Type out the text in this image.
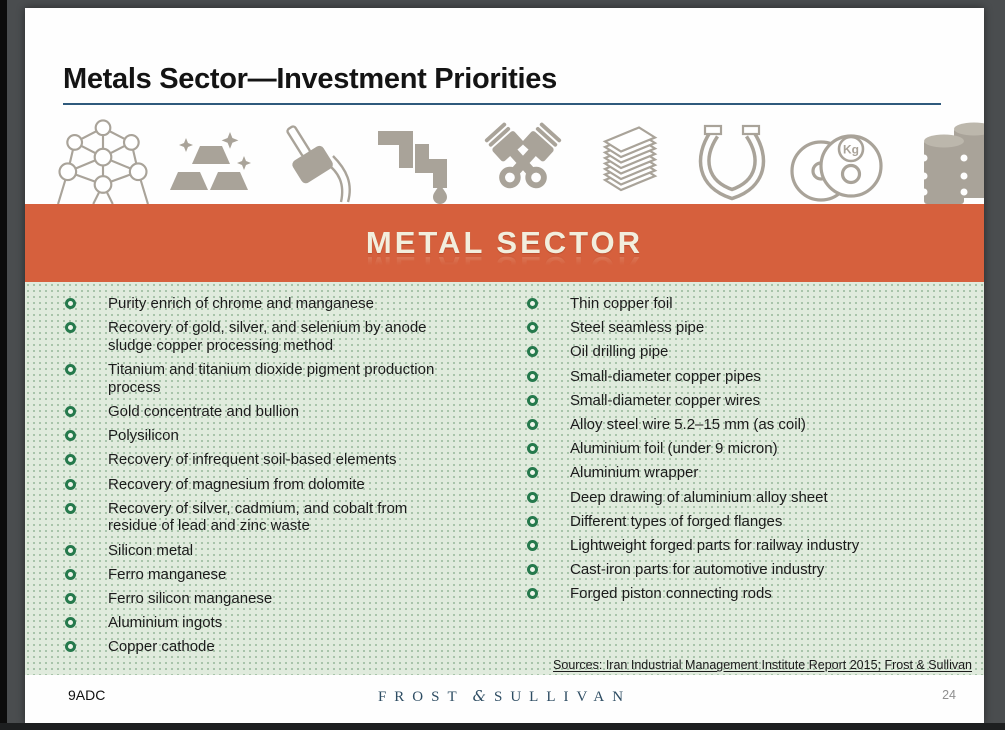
Metals Sector—Investment Priorities
Kg
METAL SECTOR
Purity enrich of chrome and manganese
Recovery of gold, silver, and selenium by anode sludge copper processing method
Titanium and titanium dioxide pigment production process
Gold concentrate and bullion
Polysilicon
Recovery of infrequent soil-based elements
Recovery of magnesium from dolomite
Recovery of silver, cadmium, and cobalt from residue of lead and zinc waste
Silicon metal
Ferro manganese
Ferro silicon manganese
Aluminium ingots
Copper cathode
Thin copper foil
Steel seamless pipe
Oil drilling pipe
Small-diameter copper pipes
Small-diameter copper wires
Alloy steel wire 5.2–15 mm (as coil)
Aluminium foil (under 9 micron)
Aluminium wrapper
Deep drawing of aluminium alloy sheet
Different types of forged flanges
Lightweight forged parts for railway industry
Cast-iron parts for automotive industry
Forged piston connecting rods
Sources: Iran Industrial Management Institute Report 2015; Frost & Sullivan
9ADC	FROST & SULLIVAN	24
